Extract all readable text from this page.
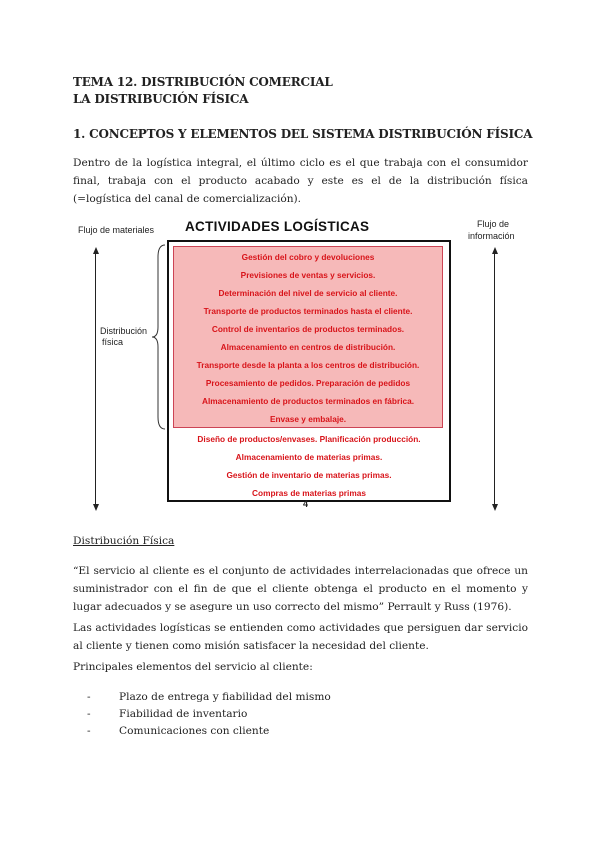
TEMA 12. DISTRIBUCIÓN COMERCIAL
LA DISTRIBUCIÓN FÍSICA
1. CONCEPTOS Y ELEMENTOS DEL SISTEMA DISTRIBUCIÓN FÍSICA
Dentro de la logística integral, el último ciclo es el que trabaja con el consumidor final, trabaja con el producto acabado y este es el de la distribución física (=logística del canal de comercialización).
Flujo de materiales ACTIVIDADES LOGÍSTICAS	Flujo de
información
Distribución
física
Gestión del cobro y devoluciones
Previsiones de ventas y servicios.
Determinación del nivel de servicio al cliente.
Transporte de productos terminados hasta el cliente.
Control de inventarios de productos terminados.
Almacenamiento en centros de distribución.
Transporte desde la planta a los centros de distribución.
Procesamiento de pedidos. Preparación de pedidos
Almacenamiento de productos terminados en fábrica.
Envase y embalaje.
Diseño de productos/envases. Planificación producción.
Almacenamiento de materias primas.
Gestión de inventario de materias primas.
Compras de materias primas
4
Distribución Física
“El servicio al cliente es el conjunto de actividades interrelacionadas que ofrece un suministrador con el fin de que el cliente obtenga el producto en el momento y lugar adecuados y se asegure un uso correcto del mismo” Perrault y Russ (1976).
Las actividades logísticas se entienden como actividades que persiguen dar servicio al cliente y tienen como misión satisfacer la necesidad del cliente.
Principales elementos del servicio al cliente:
-	Plazo de entrega y fiabilidad del mismo
-	Fiabilidad de inventario
-	Comunicaciones con cliente
